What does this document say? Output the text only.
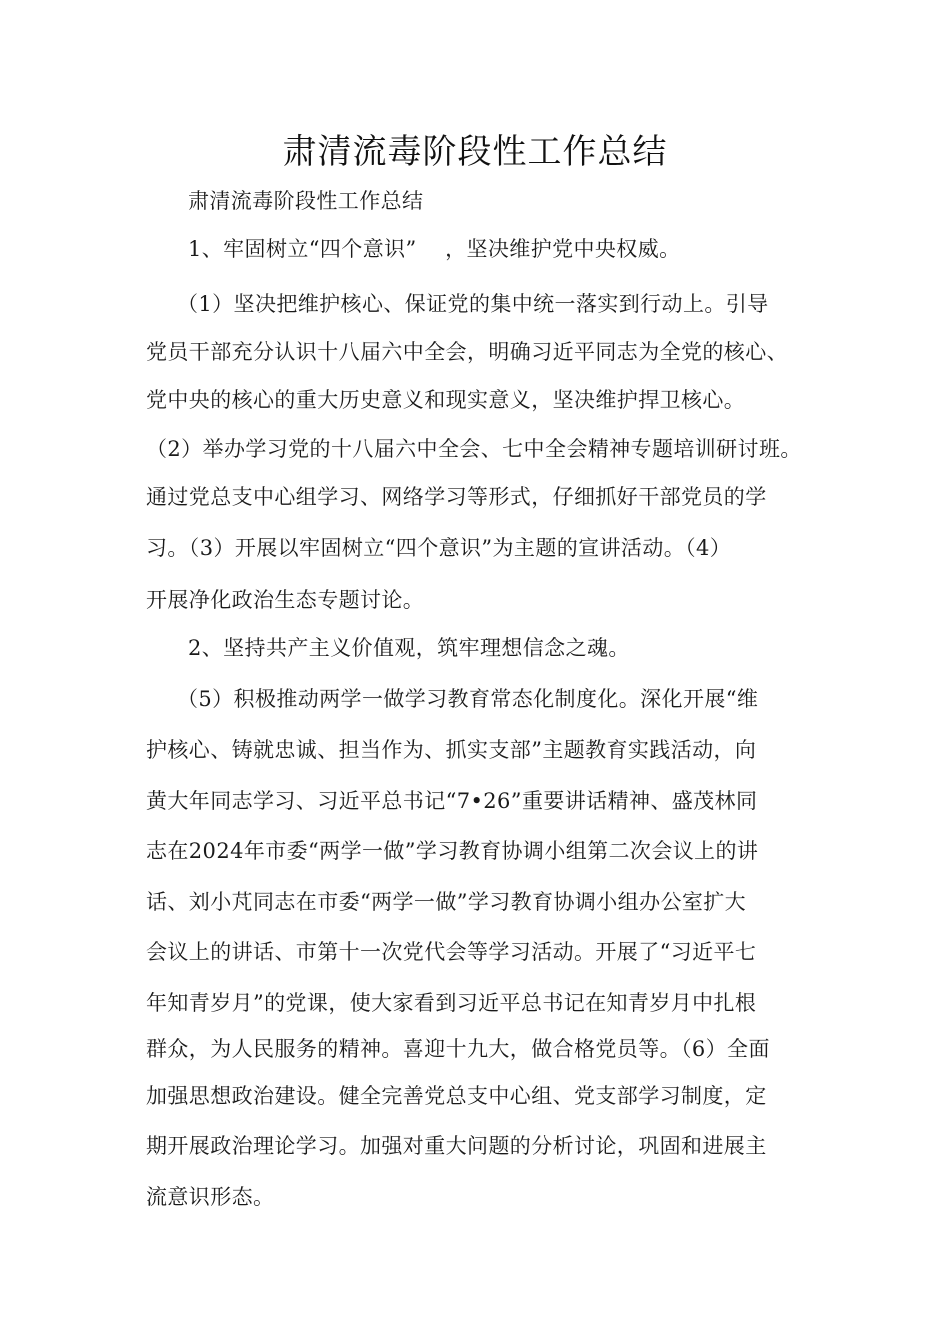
肃清流毒阶段性工作总结
肃清流毒阶段性工作总结
1、牢固树立“四个意识”　 ，坚决维护党中央权威。
（1）坚决把维护核心、保证党的集中统一落实到行动上。引导
党员干部充分认识十八届六中全会，明确习近平同志为全党的核心、
党中央的核心的重大历史意义和现实意义，坚决维护捍卫核心。
（2）举办学习党的十八届六中全会、七中全会精神专题培训研讨班。
通过党总支中心组学习、网络学习等形式，仔细抓好干部党员的学
习。（3）开展以牢固树立“四个意识”为主题的宣讲活动。（4）
开展净化政治生态专题讨论。
2、坚持共产主义价值观，筑牢理想信念之魂。
（5）积极推动两学一做学习教育常态化制度化。深化开展“维
护核心、铸就忠诚、担当作为、抓实支部”主题教育实践活动，向
黄大年同志学习、习近平总书记“7•26”重要讲话精神、盛茂林同
志在2024年市委“两学一做”学习教育协调小组第二次会议上的讲
话、刘小芃同志在市委“两学一做”学习教育协调小组办公室扩大
会议上的讲话、市第十一次党代会等学习活动。开展了“习近平七
年知青岁月”的党课，使大家看到习近平总书记在知青岁月中扎根
群众，为人民服务的精神。喜迎十九大，做合格党员等。（6）全面
加强思想政治建设。健全完善党总支中心组、党支部学习制度，定
期开展政治理论学习。加强对重大问题的分析讨论，巩固和进展主
流意识形态。
